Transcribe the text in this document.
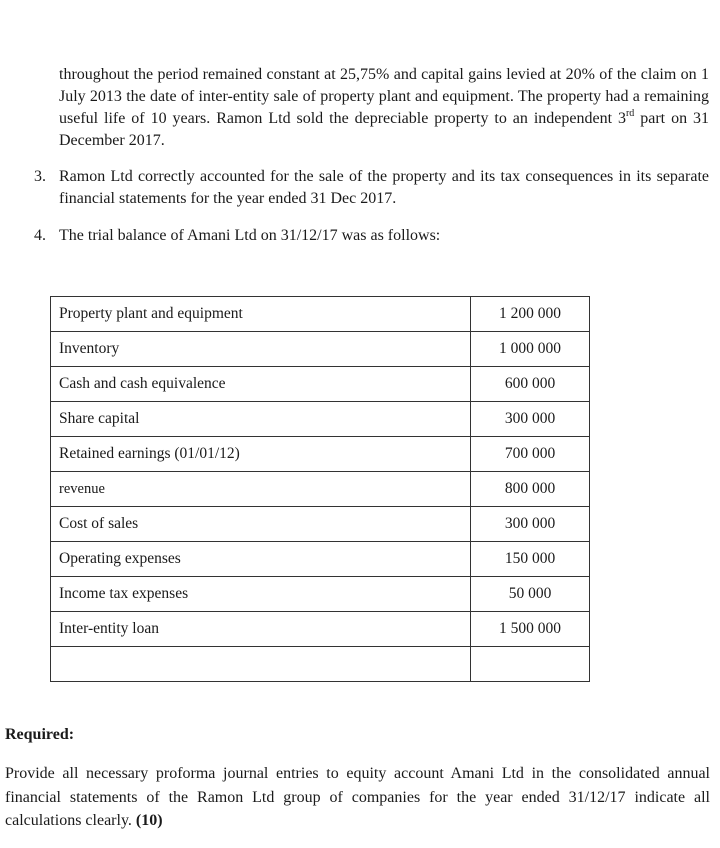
throughout the period remained constant at 25,75% and capital gains levied at 20% of the claim on 1 July 2013 the date of inter-entity sale of property plant and equipment. The property had a remaining useful life of 10 years. Ramon Ltd sold the depreciable property to an independent 3rd part on 31 December 2017.
3. Ramon Ltd correctly accounted for the sale of the property and its tax consequences in its separate financial statements for the year ended 31 Dec 2017.
4. The trial balance of Amani Ltd on 31/12/17 was as follows:
Property plant and equipment	1 200 000
Inventory	1 000 000
Cash and cash equivalence	600 000
Share capital	300 000
Retained earnings (01/01/12)	700 000
revenue	800 000
Cost of sales	300 000
Operating expenses	150 000
Income tax expenses	50 000
Inter-entity loan	1 500 000

Required:
Provide all necessary proforma journal entries to equity account Amani Ltd in the consolidated annual financial statements of the Ramon Ltd group of companies for the year ended 31/12/17 indicate all calculations clearly. (10)
